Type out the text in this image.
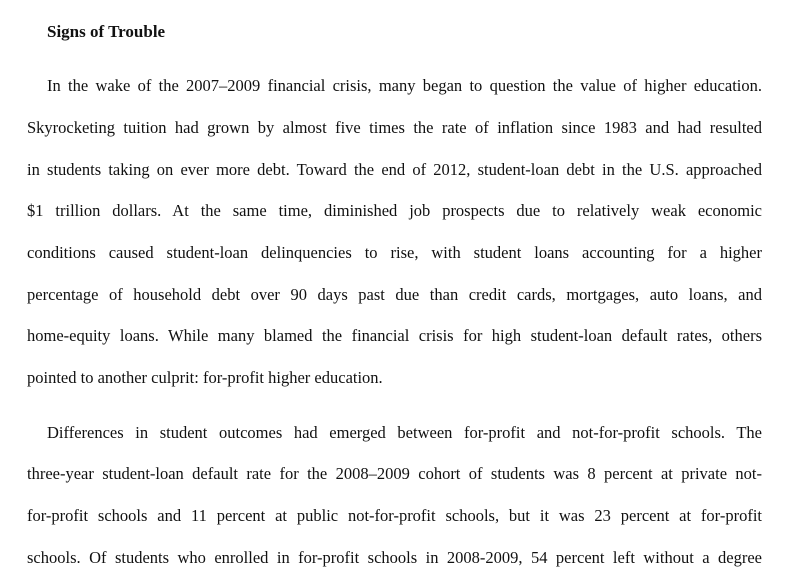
Signs of Trouble
In the wake of the 2007–2009 financial crisis, many began to question the value of higher education.
Skyrocketing tuition had grown by almost five times the rate of inflation since 1983 and had resulted
in students taking on ever more debt. Toward the end of 2012, student-loan debt in the U.S. approached
$1 trillion dollars. At the same time, diminished job prospects due to relatively weak economic
conditions caused student-loan delinquencies to rise, with student loans accounting for a higher
percentage of household debt over 90 days past due than credit cards, mortgages, auto loans, and
home-equity loans. While many blamed the financial crisis for high student-loan default rates, others
pointed to another culprit: for-profit higher education.
Differences in student outcomes had emerged between for-profit and not-for-profit schools. The
three-year student-loan default rate for the 2008–2009 cohort of students was 8 percent at private not-
for-profit schools and 11 percent at public not-for-profit schools, but it was 23 percent at for-profit
schools. Of students who enrolled in for-profit schools in 2008-2009, 54 percent left without a degree
